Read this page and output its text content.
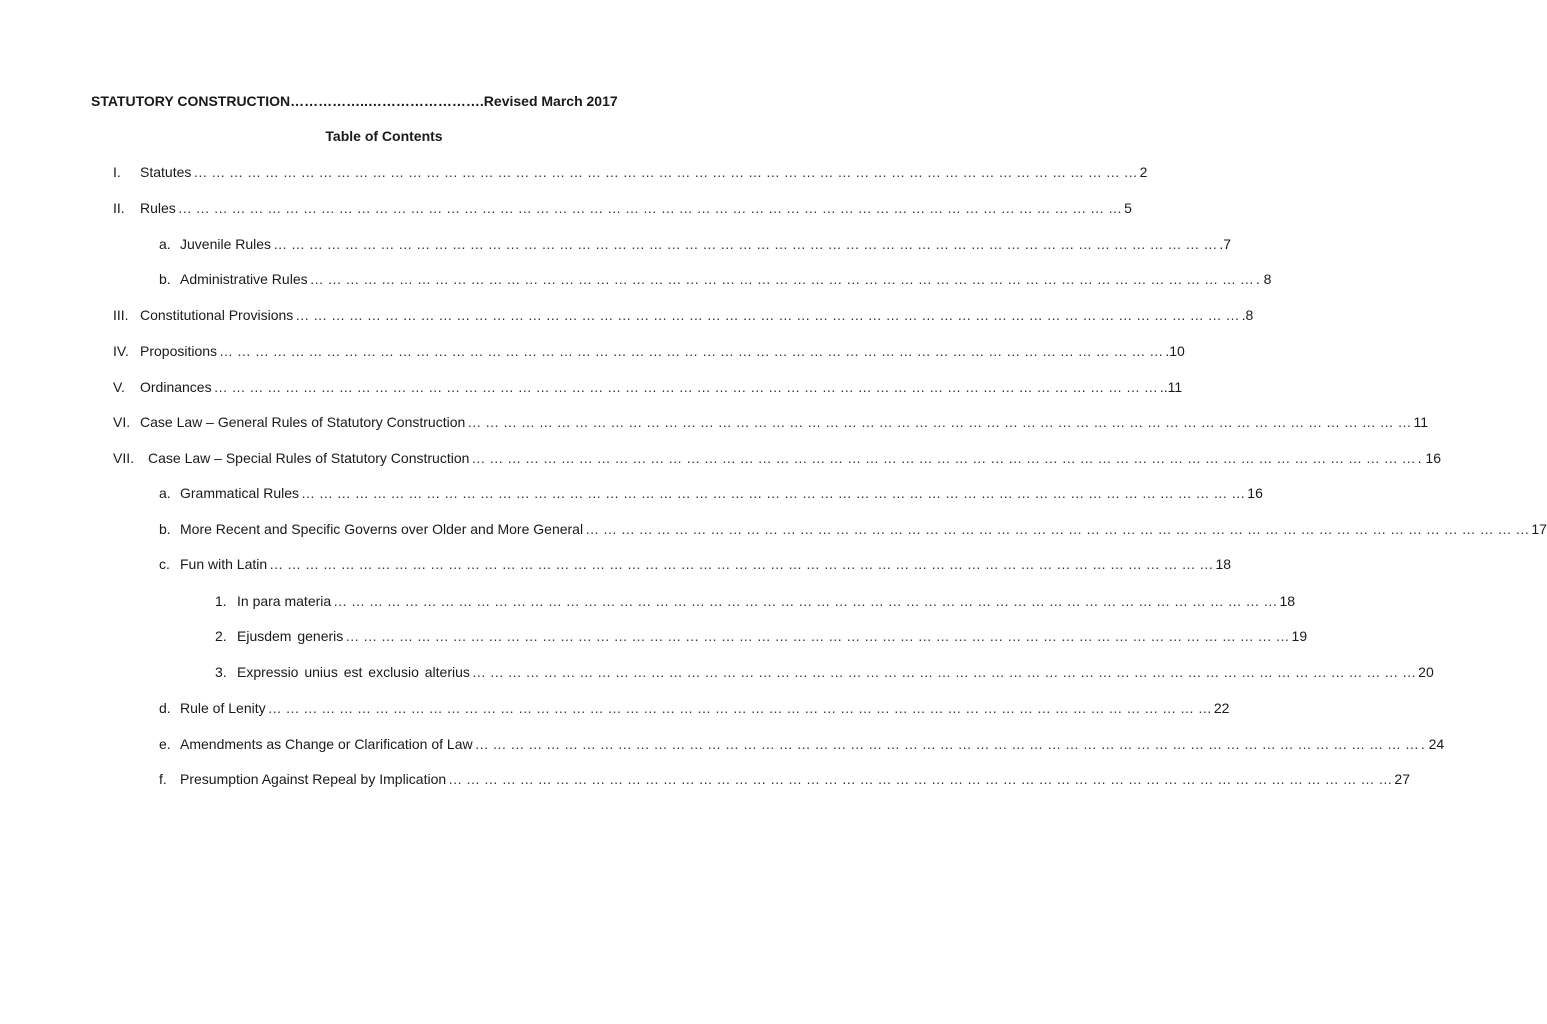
STATUTORY CONSTRUCTION……………..…………………….Revised March 2017
Table of Contents
I.	Statutes … … … … … … … … … … … … … … … … … … … … … … … … … … … … … … … … … … … … … … … … … … … … … … … … … … … … … 2
II.	Rules … … … … … … … … … … … … … … … … … … … … … … … … … … … … … … … … … … … … … … … … … … … … … … … … … … … … … 5
a. Juvenile Rules … … … … … … … … … … … … … … … … … … … … … … … … … … … … … … … … … … … … … … … … … … … … … … … … … … … … … .7
b. Administrative Rules … … … … … … … … … … … … … … … … … … … … … … … … … … … … … … … … … … … … … … … … … … … … … … … … … … … … … . 8
III. Constitutional Provisions … … … … … … … … … … … … … … … … … … … … … … … … … … … … … … … … … … … … … … … … … … … … … … … … … … … … … .8
IV. Propositions … … … … … … … … … … … … … … … … … … … … … … … … … … … … … … … … … … … … … … … … … … … … … … … … … … … … … .10
V.	Ordinances … … … … … … … … … … … … … … … … … … … … … … … … … … … … … … … … … … … … … … … … … … … … … … … … … … … … … ..11
VI. Case Law – General Rules of Statutory Construction … … … … … … … … … … … … … … … … … … … … … … … … … … … … … … … … … … … … … … … … … … … … … … … … … … … … … 11
VII. Case Law – Special Rules of Statutory Construction … … … … … … … … … … … … … … … … … … … … … … … … … … … … … … … … … … … … … … … … … … … … … … … … … … … … … . 16
a. Grammatical Rules … … … … … … … … … … … … … … … … … … … … … … … … … … … … … … … … … … … … … … … … … … … … … … … … … … … … … 16
b. More Recent and Specific Governs over Older and More General … … … … … … … … … … … … … … … … … … … … … … … … … … … … … … … … … … … … … … … … … … … … … … … … … … … … … 17
c. Fun with Latin … … … … … … … … … … … … … … … … … … … … … … … … … … … … … … … … … … … … … … … … … … … … … … … … … … … … … 18
1. In para materia … … … … … … … … … … … … … … … … … … … … … … … … … … … … … … … … … … … … … … … … … … … … … … … … … … … … … 18
2. Ejusdem generis … … … … … … … … … … … … … … … … … … … … … … … … … … … … … … … … … … … … … … … … … … … … … … … … … … … … … 19
3. Expressio unius est exclusio alterius … … … … … … … … … … … … … … … … … … … … … … … … … … … … … … … … … … … … … … … … … … … … … … … … … … … … … 20
d. Rule of Lenity … … … … … … … … … … … … … … … … … … … … … … … … … … … … … … … … … … … … … … … … … … … … … … … … … … … … … 22
e. Amendments as Change or Clarification of Law … … … … … … … … … … … … … … … … … … … … … … … … … … … … … … … … … … … … … … … … … … … … … … … … … … … … … . 24
f. Presumption Against Repeal by Implication … … … … … … … … … … … … … … … … … … … … … … … … … … … … … … … … … … … … … … … … … … … … … … … … … … … … … 27
